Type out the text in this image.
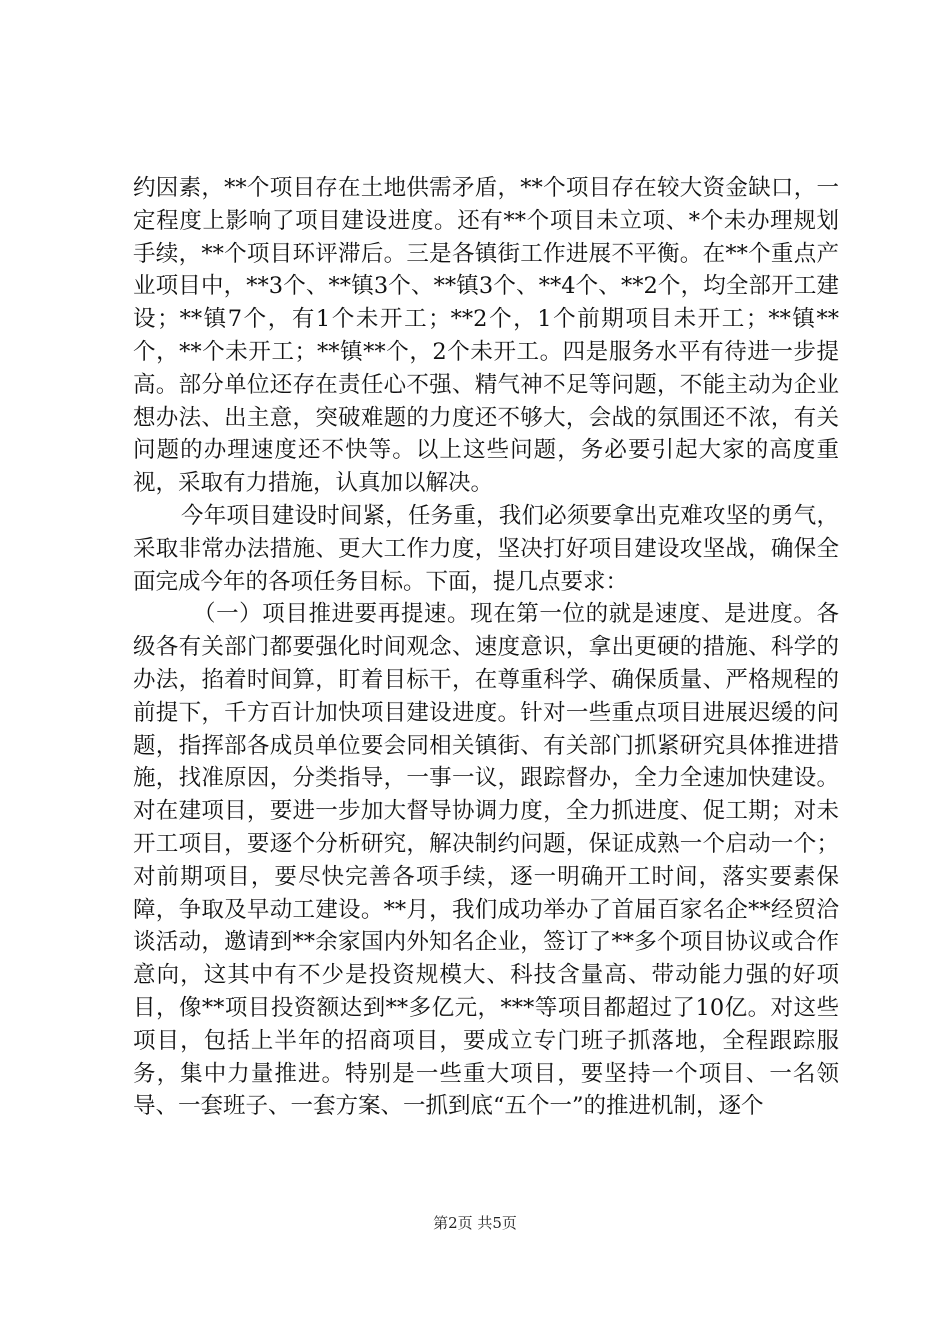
约因素，**个项目存在土地供需矛盾，**个项目存在较大资金缺口，一定程度上影响了项目建设进度。还有**个项目未立项、*个未办理规划手续，**个项目环评滞后。三是各镇街工作进展不平衡。在**个重点产业项目中，**3个、**镇3个、**镇3个、**4个、**2个，均全部开工建设；**镇7个，有1个未开工；**2个，1个前期项目未开工；**镇**个，**个未开工；**镇**个，2个未开工。四是服务水平有待进一步提高。部分单位还存在责任心不强、精气神不足等问题，不能主动为企业想办法、出主意，突破难题的力度还不够大，会战的氛围还不浓，有关问题的办理速度还不快等。以上这些问题，务必要引起大家的高度重视，采取有力措施，认真加以解决。

今年项目建设时间紧，任务重，我们必须要拿出克难攻坚的勇气，采取非常办法措施、更大工作力度，坚决打好项目建设攻坚战，确保全面完成今年的各项任务目标。下面，提几点要求：

（一）项目推进要再提速。现在第一位的就是速度、是进度。各级各有关部门都要强化时间观念、速度意识，拿出更硬的措施、科学的办法，掐着时间算，盯着目标干，在尊重科学、确保质量、严格规程的前提下，千方百计加快项目建设进度。针对一些重点项目进展迟缓的问题，指挥部各成员单位要会同相关镇街、有关部门抓紧研究具体推进措施，找准原因，分类指导，一事一议，跟踪督办，全力全速加快建设。对在建项目，要进一步加大督导协调力度，全力抓进度、促工期；对未开工项目，要逐个分析研究，解决制约问题，保证成熟一个启动一个；对前期项目，要尽快完善各项手续，逐一明确开工时间，落实要素保障，争取及早动工建设。**月，我们成功举办了首届百家名企**经贸洽谈活动，邀请到**余家国内外知名企业，签订了**多个项目协议或合作意向，这其中有不少是投资规模大、科技含量高、带动能力强的好项目，像**项目投资额达到**多亿元，***等项目都超过了10亿。对这些项目，包括上半年的招商项目，要成立专门班子抓落地，全程跟踪服务，集中力量推进。特别是一些重大项目，要坚持一个项目、一名领导、一套班子、一套方案、一抓到底“五个一”的推进机制，逐个

第2页 共5页
